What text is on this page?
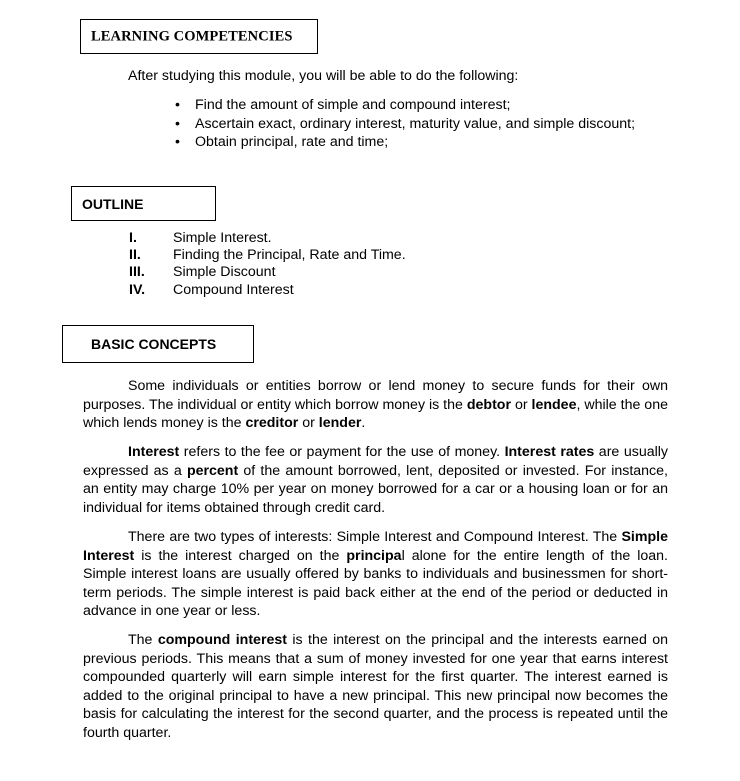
LEARNING COMPETENCIES
After studying this module, you will be able to do the following:
• Find the amount of simple and compound interest;
• Ascertain exact, ordinary interest, maturity value, and simple discount;
• Obtain principal, rate and time;
OUTLINE
I.	Simple Interest.
II. Finding the Principal, Rate and Time.
III. Simple Discount
IV. Compound Interest
BASIC CONCEPTS

Some individuals or entities borrow or lend money to secure funds for their own purposes. The individual or entity which borrow money is the debtor or lendee, while the one which lends money is the creditor or lender.

Interest refers to the fee or payment for the use of money. Interest rates are usually expressed as a percent of the amount borrowed, lent, deposited or invested. For instance, an entity may charge 10% per year on money borrowed for a car or a housing loan or for an individual for items obtained through credit card.

There are two types of interests: Simple Interest and Compound Interest. The Simple Interest is the interest charged on the principal alone for the entire length of the loan. Simple interest loans are usually offered by banks to individuals and businessmen for short-term periods. The simple interest is paid back either at the end of the period or deducted in advance in one year or less.

The compound interest is the interest on the principal and the interests earned on previous periods. This means that a sum of money invested for one year that earns interest compounded quarterly will earn simple interest for the first quarter. The interest earned is added to the original principal to have a new principal. This new principal now becomes the basis for calculating the interest for the second quarter, and the process is repeated until the fourth quarter.
